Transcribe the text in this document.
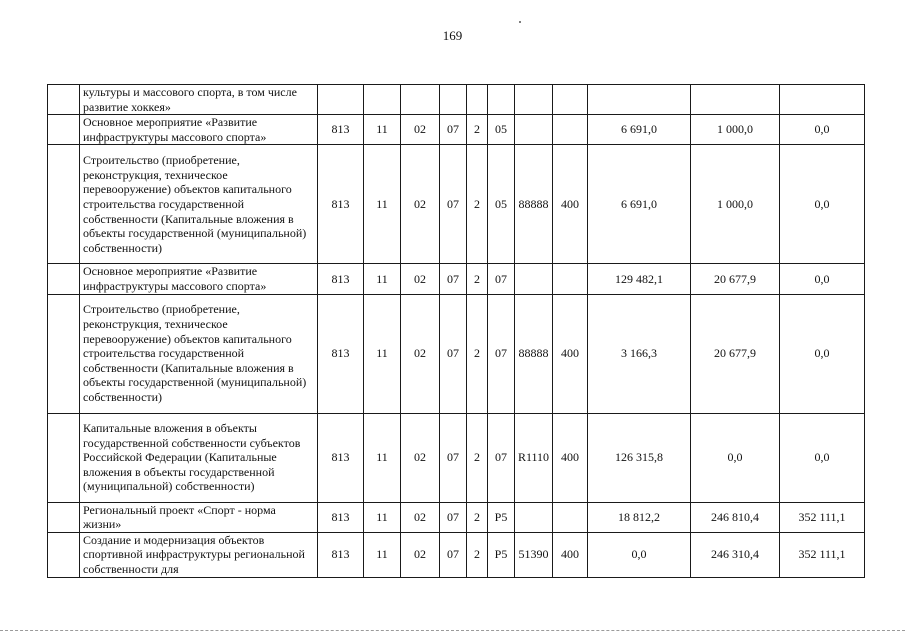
169
	культуры и массового спорта, в том числе развитие хоккея»											
	Основное мероприятие «Развитие инфраструктуры массового спорта»	813	11	02	07	2	05			6 691,0	1 000,0	0,0
	Строительство (приобретение, реконструкция, техническое перевооружение) объектов капитального строительства государственной собственности (Капитальные вложения в объекты государственной (муниципальной) собственности)	813	11	02	07	2	05	88888	400	6 691,0	1 000,0	0,0
	Основное мероприятие «Развитие инфраструктуры массового спорта»	813	11	02	07	2	07			129 482,1	20 677,9	0,0
	Строительство (приобретение, реконструкция, техническое перевооружение) объектов капитального строительства государственной собственности (Капитальные вложения в объекты государственной (муниципальной) собственности)	813	11	02	07	2	07	88888	400	3 166,3	20 677,9	0,0
	Капитальные вложения в объекты государственной собственности субъектов Российской Федерации (Капитальные вложения в объекты государственной (муниципальной) собственности)	813	11	02	07	2	07	R1110	400	126 315,8	0,0	0,0
	Региональный проект «Спорт - норма жизни»	813	11	02	07	2	P5			18 812,2	246 810,4	352 111,1
	Создание и модернизация объектов спортивной инфраструктуры региональной собственности для	813	11	02	07	2	P5	51390	400	0,0	246 310,4	352 111,1
